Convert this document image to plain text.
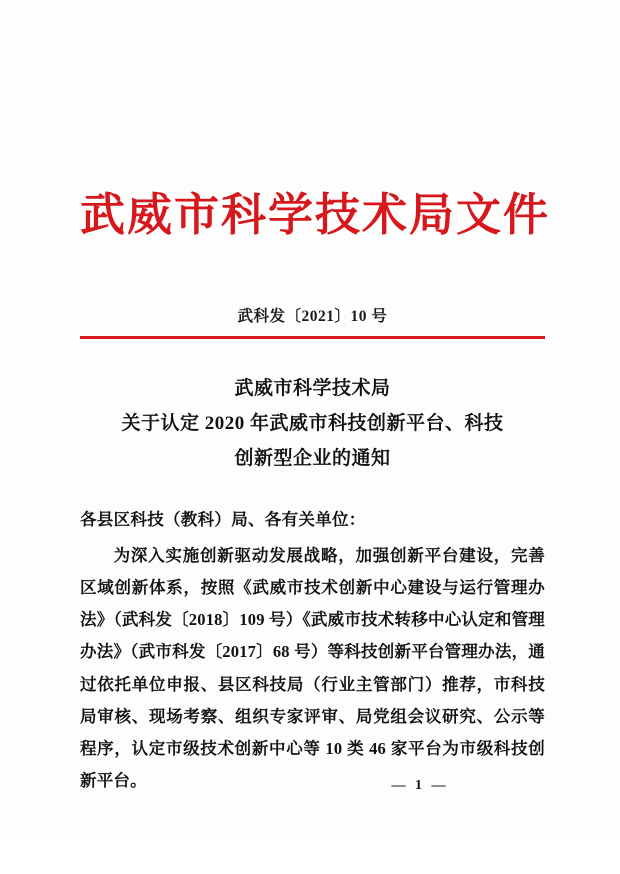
武威市科学技术局文件
武科发〔2021〕10 号
武威市科学技术局
关于认定 2020 年武威市科技创新平台、科技
创新型企业的通知
各县区科技（教科）局、各有关单位：
为深入实施创新驱动发展战略，加强创新平台建设，完善区域创新体系，按照《武威市技术创新中心建设与运行管理办法》（武科发〔2018〕109 号）《武威市技术转移中心认定和管理办法》（武市科发〔2017〕68 号）等科技创新平台管理办法，通过依托单位申报、县区科技局（行业主管部门）推荐，市科技局审核、现场考察、组织专家评审、局党组会议研究、公示等程序，认定市级技术创新中心等 10 类 46 家平台为市级科技创新平台。	— 1 —
